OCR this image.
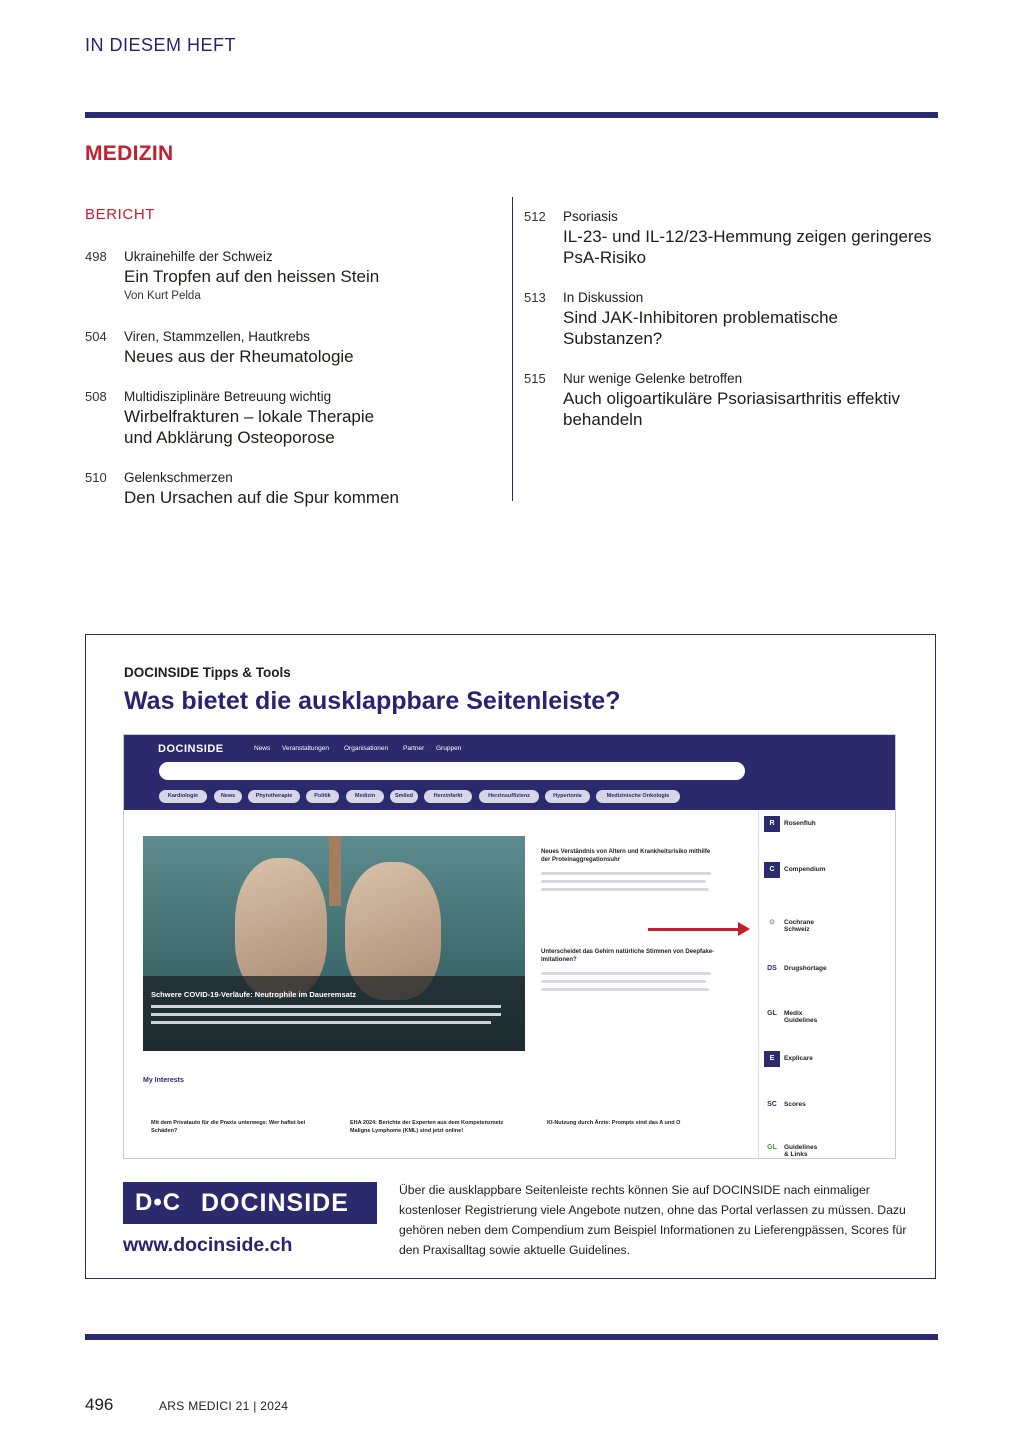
IN DIESEM HEFT
MEDIZIN
BERICHT
498 Ukrainehilfe der Schweiz
Ein Tropfen auf den heissen Stein
Von Kurt Pelda
504 Viren, Stammzellen, Hautkrebs
Neues aus der Rheumatologie
508 Multidisziplinäre Betreuung wichtig
Wirbelfrakturen – lokale Therapie
und Abklärung Osteoporose
510 Gelenkschmerzen
Den Ursachen auf die Spur kommen
512 Psoriasis
IL-23- und IL-12/23-Hemmung zeigen geringeres
PsA-Risiko
513 In Diskussion
Sind JAK-Inhibitoren problematische
Substanzen?
515 Nur wenige Gelenke betroffen
Auch oligoartikuläre Psoriasisarthritis effektiv
behandeln
DOCINSIDE Tipps & Tools
Was bietet die ausklappbare Seitenleiste?
DOCINSIDE	News Veranstaltungen Organisationen Partner Gruppen
Kardiologie	News	Phytotherapie	Politik	Medizin	Smiled	Herzinfarkt	Herzinsuffizienz	Hypertonie	Medizinische Onkologie
Schwere COVID-19-Verläufe: Neutrophile im Daueremsatz
Neues Verständnis von Altern und Krankheitsrisiko mithilfe der Proteinaggregationsuhr
Unterscheidet das Gehirn natürliche Stimmen von Deepfake-Imitationen?
My Interests
Mit dem Privatauto für die Praxis unterwegs: Wer haftet bei Schäden?
EHA 2024: Berichte der Experten aus dem Kompetenzmetz Maligne Lymphome (KML) sind jetzt online!
KI-Nutzung durch Ärzte: Prompts sind das A und O
R	Rosenfluh
C	Compendium
⊙	Cochrane Schweiz
DS	Drugshortage
GL	Medix Guidelines
E	Explicare
SC	Scores
GL	Guidelines & Links
D•C DOCINSIDE
www.docinside.ch
Über die ausklappbare Seitenleiste rechts können Sie auf DOCINSIDE nach einmaliger kostenloser Registrierung viele Angebote nutzen, ohne das Portal verlassen zu müssen. Dazu gehören neben dem Compendium zum Beispiel Informationen zu Lieferengpässen, Scores für den Praxisalltag sowie aktuelle Guidelines.
496	ARS MEDICI 21 | 2024
